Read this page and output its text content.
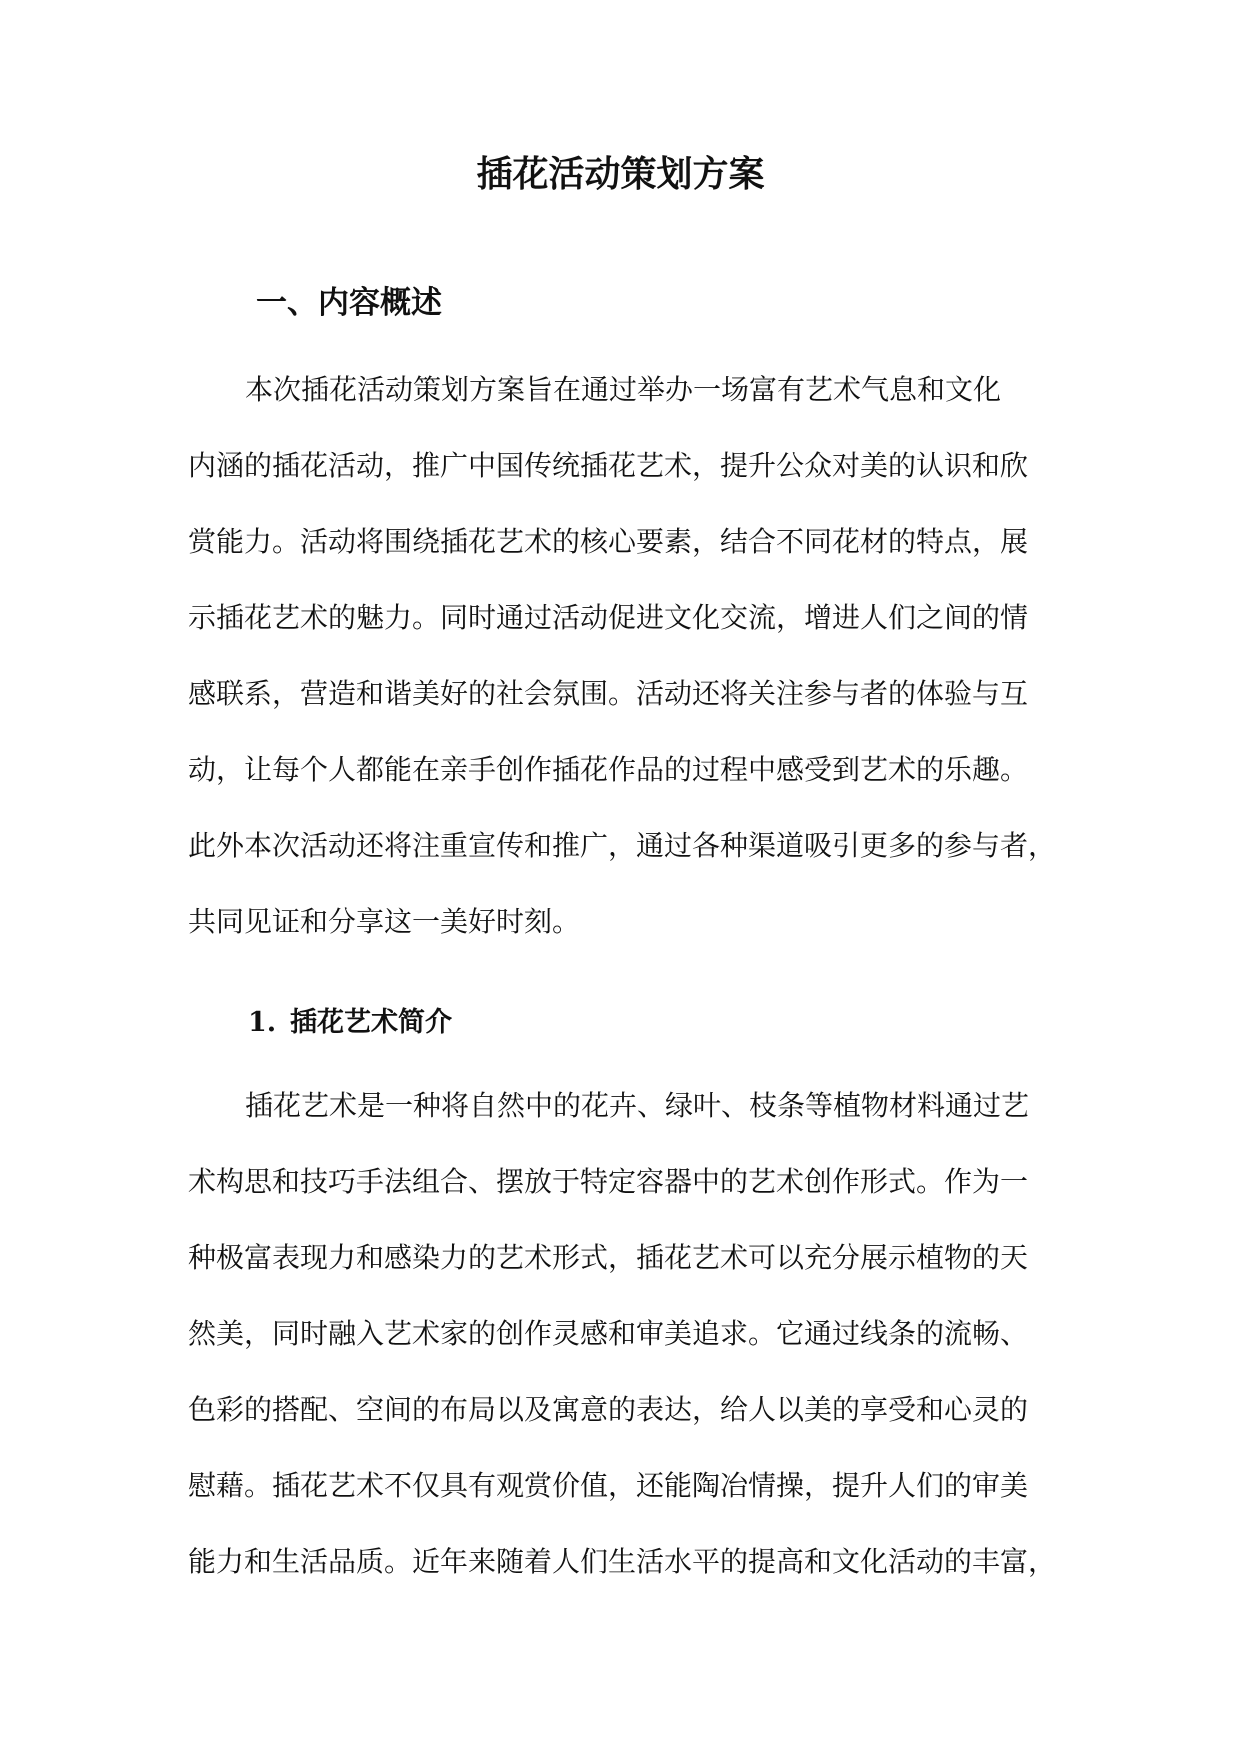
插花活动策划方案
一、内容概述

本次插花活动策划方案旨在通过举办一场富有艺术气息和文化
内涵的插花活动，推广中国传统插花艺术，提升公众对美的认识和欣
赏能力。活动将围绕插花艺术的核心要素，结合不同花材的特点，展
示插花艺术的魅力。同时通过活动促进文化交流，增进人们之间的情
感联系，营造和谐美好的社会氛围。活动还将关注参与者的体验与互
动，让每个人都能在亲手创作插花作品的过程中感受到艺术的乐趣。
此外本次活动还将注重宣传和推广，通过各种渠道吸引更多的参与者，
共同见证和分享这一美好时刻。

1. 插花艺术简介

插花艺术是一种将自然中的花卉、绿叶、枝条等植物材料通过艺
术构思和技巧手法组合、摆放于特定容器中的艺术创作形式。作为一
种极富表现力和感染力的艺术形式，插花艺术可以充分展示植物的天
然美，同时融入艺术家的创作灵感和审美追求。它通过线条的流畅、
色彩的搭配、空间的布局以及寓意的表达，给人以美的享受和心灵的
慰藉。插花艺术不仅具有观赏价值，还能陶冶情操，提升人们的审美
能力和生活品质。近年来随着人们生活水平的提高和文化活动的丰富，
